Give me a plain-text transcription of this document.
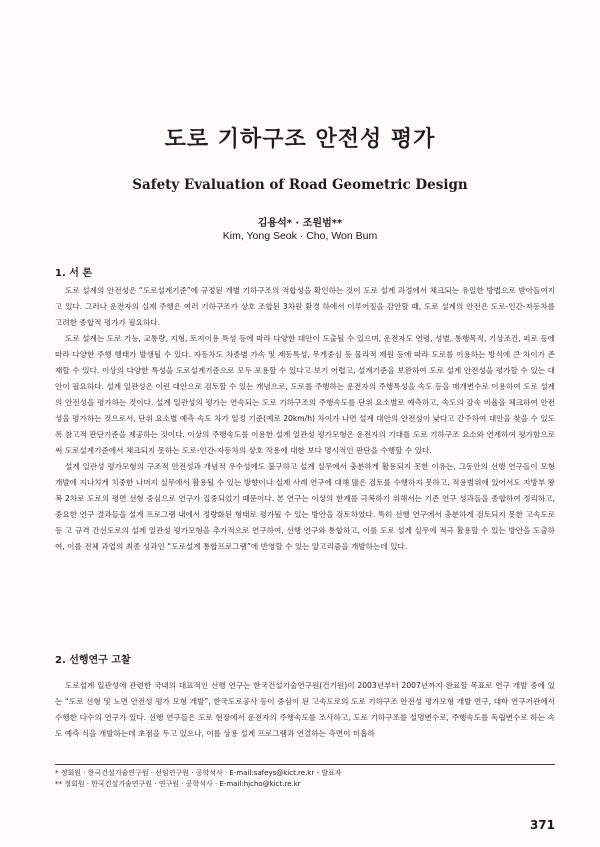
도로 기하구조 안전성 평가
Safety Evaluation of Road Geometric Design
김용석* · 조원범**
Kim, Yong Seok · Cho, Won Bum
1. 서 론

도로 설계의 안전성은 “도로설계기준”에 규정된 개별 기하구조의 적합성을 확인하는 것이 도로 설계 과정에서 체크되는 유일한 방법으로 받아들여지고 있다. 그러나 운전자의 실제 주행은 여러 기하구조가 상호 조합된 3차원 환경 하에서 이루어짐을 감안할 때, 도로 설계의 안전은 도로-인간-자동차를 고려한 종합적 평가가 필요하다.

도로 설계는 도로 기능, 교통량, 지형, 토지이용 특성 등에 따라 다양한 대안이 도출될 수 있으며, 운전자도 연령, 성별, 통행목적, 기상조건, 피로 등에 따라 다양한 주행 행태가 발생될 수 있다. 자동차도 차종별 가속 및 제동특성, 무게중심 등 물리적 제원 등에 따라 도로를 이용하는 방식에 큰 차이가 존재할 수 있다. 이상의 다양한 특성을 도로설계기준으로 모두 포용할 수 있다고 보기 어렵고, 설계기준을 보완하여 도로 설계 안전성을 평가할 수 있는 대안이 필요하다. 설계 일관성은 이런 대안으로 검토할 수 있는 개념으로, 도로를 주행하는 운전자의 주행특성을 속도 등을 매개변수로 이용하여 도로 설계의 안전성을 평가하는 것이다. 설계 일관성의 평가는 연속되는 도로 기하구조의 주행속도를 단위 요소별로 예측하고, 속도의 감속 비율을 체크하여 안전성을 평가하는 것으로서, 단위 요소별 예측 속도 차가 일정 기준(예로 20km/h) 차이가 나면 설계 대안의 안전성이 낮다고 간주하여 대안을 찾을 수 있도록 참고적 판단기준을 제공하는 것이다. 이상의 주행속도를 이용한 설계 일관성 평가모형은 운전자의 기대를 도로 기하구조 요소와 연계하여 평가함으로써 도로설계기준에서 체크되지 못하는 도로-인간-자동차의 상호 작용에 대한 보다 명시적인 판단을 수행할 수 있다.

설계 일관성 평가모형의 구조적 안전성과 개념적 우수성에도 불구하고 설계 실무에서 충분하게 활용되지 못한 이유는, 그동안의 선행 연구들이 모형 개발에 지나치게 치중한 나머지 실무에서 활용될 수 있는 방향이나 실제 사례 연구에 대해 많은 검토를 수행하지 못하고, 적용범위에 있어서도 지방부 왕복 2차로 도로의 평면 선형 중심으로 연구가 집중되었기 때문이다. 본 연구는 이상의 한계를 극복하기 위해서는 기존 연구 성과들을 종합하여 정리하고, 중요한 연구 결과들을 설계 프로그램 내에서 정량화된 형태로 평가될 수 있는 방안을 검토하였다. 특히 선행 연구에서 충분하게 검토되지 못한 고속도로 등 고 규격 간선도로의 설계 일관성 평가모형을 추가적으로 연구하여, 선행 연구와 통합하고, 이를 도로 설계 실무에 적극 활용할 수 있는 방안을 도출하여, 이를 전체 과업의 최종 성과인 “도로설계 통합프로그램”에 반영할 수 있는 알고리즘을 개발하는데 있다.

2. 선행연구 고찰

도로설계 일관성에 관련한 국내의 대표적인 선행 연구는 한국건설기술연구원(건기원)이 2003년부터 2007년까지 완료할 목표로 연구 개발 중에 있는 “도로 선형 및 노면 안전성 평가 모형 개발”, 한국도로공사 등이 중심이 된 고속도로의 도로 기하구조 안전성 평가모형 개발 연구, 대학 연구기관에서 수행한 다수의 연구가 있다. 선행 연구들은 도로 현장에서 운전자의 주행속도를 조사하고, 도로 기하구조를 설명변수로, 주행속도를 독립변수로 하는 속도 예측 식을 개발하는데 초점을 두고 있으나, 이를 상용 설계 프로그램과 연결하는 측면이 미흡하

* 정회원 · 한국건설기술연구원 · 선임연구원 · 공학석사 · E-mail:safeys@kict.re.kr - 발표자
** 정회원 · 한국건설기술연구원 · 연구원 · 공학석사 · E-mail:hjcho@kict.re.kr
371
